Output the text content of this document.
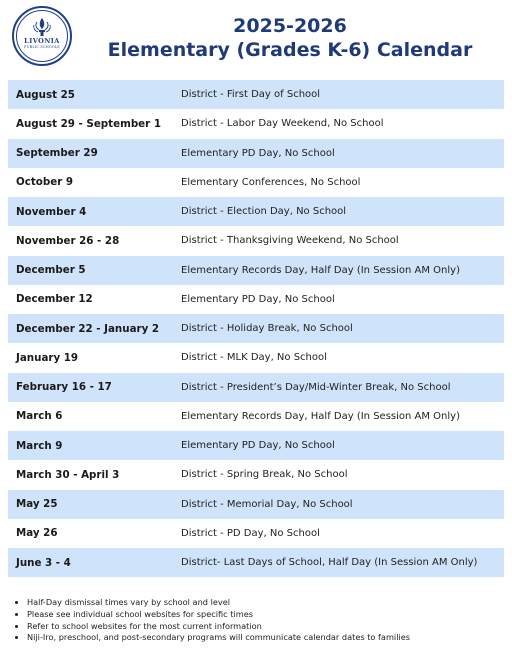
LIVONIA
PUBLIC SCHOOLS
2025-2026
Elementary (Grades K-6) Calendar
August 25	District - First Day of School
August 29 - September 1	District - Labor Day Weekend, No School
September 29	Elementary PD Day, No School
October 9	Elementary Conferences, No School
November 4	District - Election Day, No School
November 26 - 28	District - Thanksgiving Weekend, No School
December 5	Elementary Records Day, Half Day (In Session AM Only)
December 12	Elementary PD Day, No School
December 22 - January 2	District - Holiday Break, No School
January 19	District - MLK Day, No School
February 16 - 17	District - President’s Day/Mid-Winter Break, No School
March 6	Elementary Records Day, Half Day (In Session AM Only)
March 9	Elementary PD Day, No School
March 30 - April 3	District - Spring Break, No School
May 25	District - Memorial Day, No School
May 26	District - PD Day, No School
June 3 - 4	District- Last Days of School, Half Day (In Session AM Only)
• Half-Day dismissal times vary by school and level
• Please see individual school websites for specific times
• Refer to school websites for the most current information
• Niji-Iro, preschool, and post-secondary programs will communicate calendar dates to families
